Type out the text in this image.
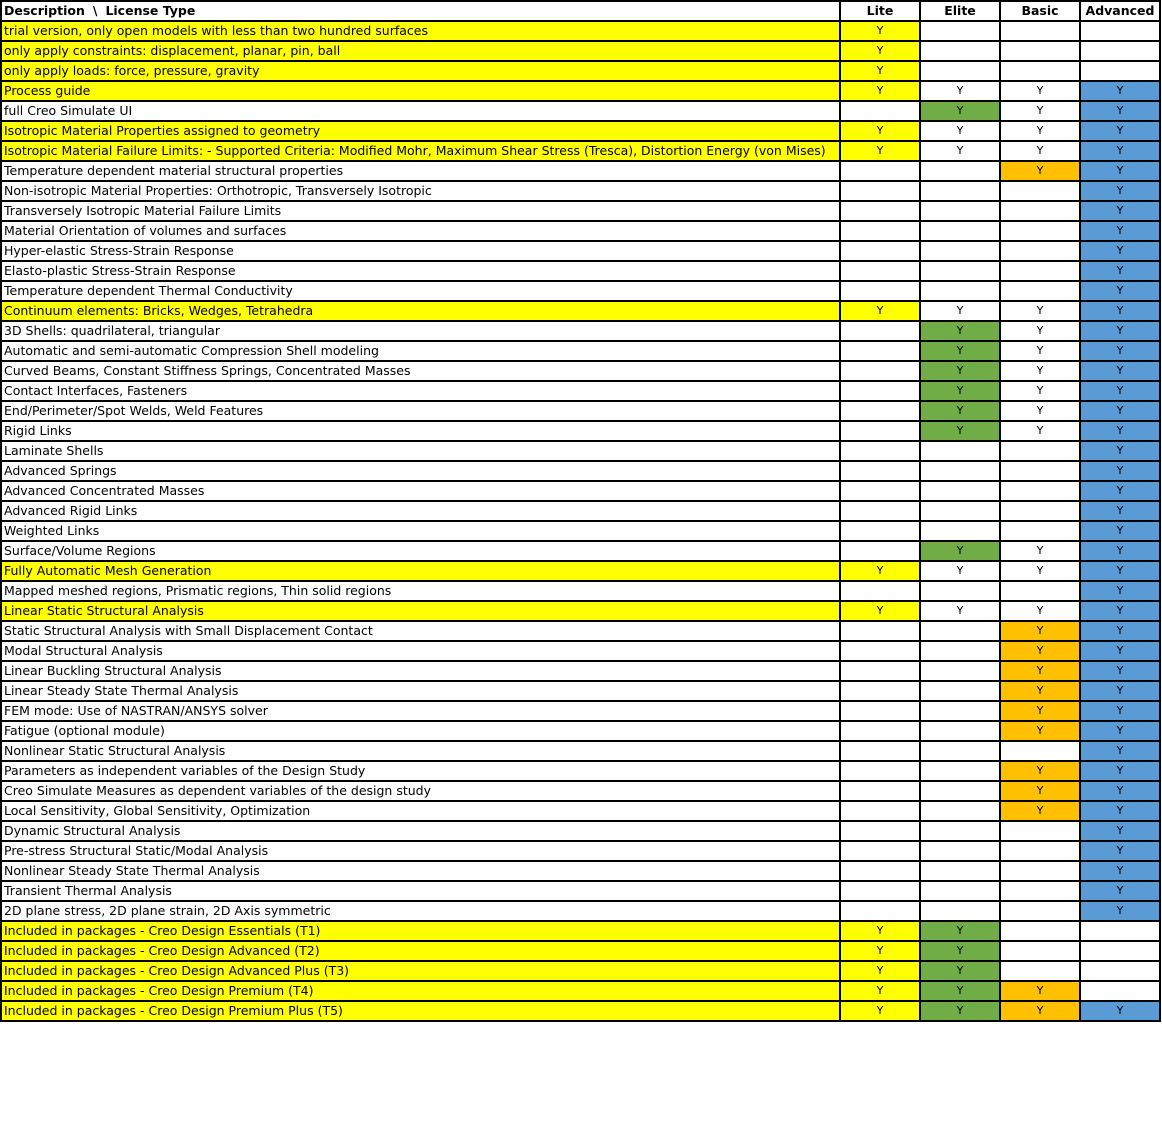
Description \ License Type	Lite	Elite	Basic	Advanced
trial version, only open models with less than two hundred surfaces	Y			
only apply constraints: displacement, planar, pin, ball	Y			
only apply loads: force, pressure, gravity	Y			
Process guide	Y	Y	Y	Y
full Creo Simulate UI		Y	Y	Y
Isotropic Material Properties assigned to geometry	Y	Y	Y	Y
Isotropic Material Failure Limits: - Supported Criteria: Modified Mohr, Maximum Shear Stress (Tresca), Distortion Energy (von Mises)	Y	Y	Y	Y
Temperature dependent material structural properties			Y	Y
Non-isotropic Material Properties: Orthotropic, Transversely Isotropic				Y
Transversely Isotropic Material Failure Limits				Y
Material Orientation of volumes and surfaces				Y
Hyper-elastic Stress-Strain Response				Y
Elasto-plastic Stress-Strain Response				Y
Temperature dependent Thermal Conductivity				Y
Continuum elements: Bricks, Wedges, Tetrahedra	Y	Y	Y	Y
3D Shells: quadrilateral, triangular		Y	Y	Y
Automatic and semi-automatic Compression Shell modeling		Y	Y	Y
Curved Beams, Constant Stiffness Springs, Concentrated Masses		Y	Y	Y
Contact Interfaces, Fasteners		Y	Y	Y
End/Perimeter/Spot Welds, Weld Features		Y	Y	Y
Rigid Links		Y	Y	Y
Laminate Shells				Y
Advanced Springs				Y
Advanced Concentrated Masses				Y
Advanced Rigid Links				Y
Weighted Links				Y
Surface/Volume Regions		Y	Y	Y
Fully Automatic Mesh Generation	Y	Y	Y	Y
Mapped meshed regions, Prismatic regions, Thin solid regions				Y
Linear Static Structural Analysis	Y	Y	Y	Y
Static Structural Analysis with Small Displacement Contact			Y	Y
Modal Structural Analysis			Y	Y
Linear Buckling Structural Analysis			Y	Y
Linear Steady State Thermal Analysis			Y	Y
FEM mode: Use of NASTRAN/ANSYS solver			Y	Y
Fatigue (optional module)			Y	Y
Nonlinear Static Structural Analysis				Y
Parameters as independent variables of the Design Study			Y	Y
Creo Simulate Measures as dependent variables of the design study			Y	Y
Local Sensitivity, Global Sensitivity, Optimization			Y	Y
Dynamic Structural Analysis				Y
Pre-stress Structural Static/Modal Analysis				Y
Nonlinear Steady State Thermal Analysis				Y
Transient Thermal Analysis				Y
2D plane stress, 2D plane strain, 2D Axis symmetric				Y
Included in packages - Creo Design Essentials (T1)	Y	Y		
Included in packages - Creo Design Advanced (T2)	Y	Y		
Included in packages - Creo Design Advanced Plus (T3)	Y	Y		
Included in packages - Creo Design Premium (T4)	Y	Y	Y	
Included in packages - Creo Design Premium Plus (T5)	Y	Y	Y	Y
